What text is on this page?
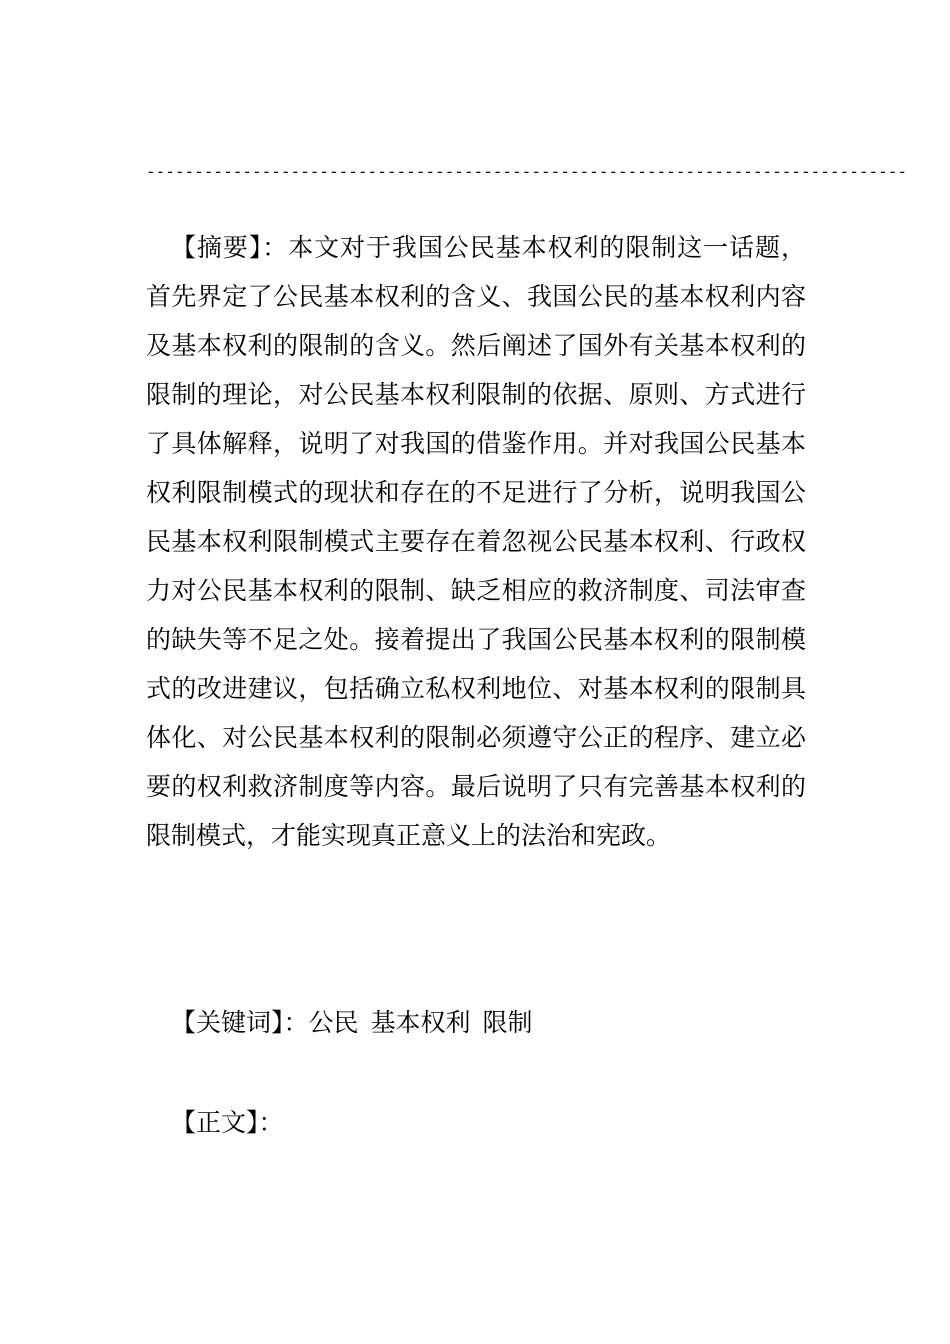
-------------------------------------------------------------------------------

【摘要】：本文对于我国公民基本权利的限制这一话题，首先界定了公民基本权利的含义、我国公民的基本权利内容及基本权利的限制的含义。然后阐述了国外有关基本权利的限制的理论，对公民基本权利限制的依据、原则、方式进行了具体解释，说明了对我国的借鉴作用。并对我国公民基本权利限制模式的现状和存在的不足进行了分析，说明我国公民基本权利限制模式主要存在着忽视公民基本权利、行政权力对公民基本权利的限制、缺乏相应的救济制度、司法审查的缺失等不足之处。接着提出了我国公民基本权利的限制模式的改进建议，包括确立私权利地位、对基本权利的限制具体化、对公民基本权利的限制必须遵守公正的程序、建立必要的权利救济制度等内容。最后说明了只有完善基本权利的限制模式，才能实现真正意义上的法治和宪政。

【关键词】：公民 基本权利 限制

【正文】：
